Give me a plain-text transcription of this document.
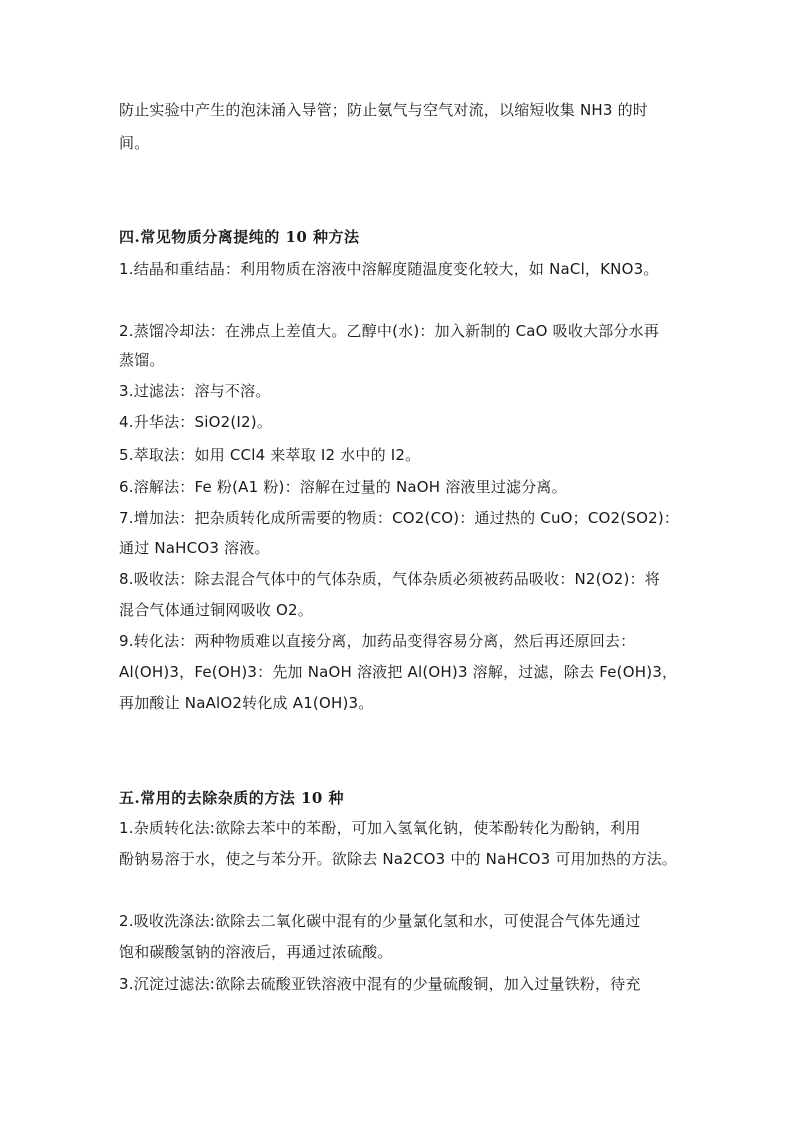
防止实验中产生的泡沫涌入导管；防止氨气与空气对流，以缩短收集 NH3 的时
间。
四.常见物质分离提纯的 10 种方法
1.结晶和重结晶：利用物质在溶液中溶解度随温度变化较大，如 NaCl，KNO3。
2.蒸馏冷却法：在沸点上差值大。乙醇中(水)：加入新制的 CaO 吸收大部分水再
蒸馏。
3.过滤法：溶与不溶。
4.升华法：SiO2(I2)。
5.萃取法：如用 CCl4 来萃取 I2 水中的 I2。
6.溶解法：Fe 粉(A1 粉)：溶解在过量的 NaOH 溶液里过滤分离。
7.增加法：把杂质转化成所需要的物质：CO2(CO)：通过热的 CuO；CO2(SO2)：
通过 NaHCO3 溶液。
8.吸收法：除去混合气体中的气体杂质，气体杂质必须被药品吸收：N2(O2)：将
混合气体通过铜网吸收 O2。
9.转化法：两种物质难以直接分离，加药品变得容易分离，然后再还原回去：
Al(OH)3，Fe(OH)3：先加 NaOH 溶液把 Al(OH)3 溶解，过滤，除去 Fe(OH)3，
再加酸让 NaAlO2转化成 A1(OH)3。
五.常用的去除杂质的方法 10 种
1.杂质转化法:欲除去苯中的苯酚，可加入氢氧化钠，使苯酚转化为酚钠，利用
酚钠易溶于水，使之与苯分开。欲除去 Na2CO3 中的 NaHCO3 可用加热的方法。
2.吸收洗涤法:欲除去二氧化碳中混有的少量氯化氢和水，可使混合气体先通过
饱和碳酸氢钠的溶液后，再通过浓硫酸。
3.沉淀过滤法:欲除去硫酸亚铁溶液中混有的少量硫酸铜，加入过量铁粉，待充
